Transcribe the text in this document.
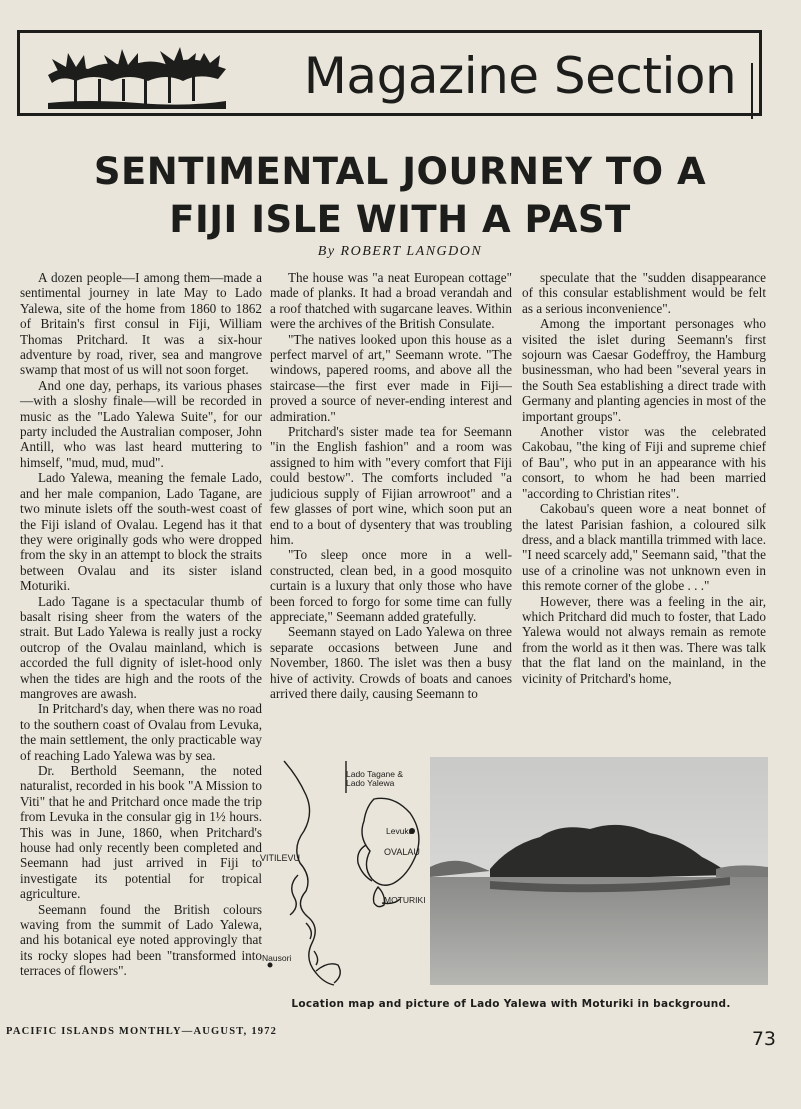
Magazine Section
SENTIMENTAL JOURNEY TO A
FIJI ISLE WITH A PAST
By ROBERT LANGDON

A dozen people—I among them—made a sentimental journey in late May to Lado Yalewa, site of the home from 1860 to 1862 of Britain's first consul in Fiji, William Thomas Pritchard. It was a six-hour adventure by road, river, sea and mangrove swamp that most of us will not soon forget.

And one day, perhaps, its various phases—with a sloshy finale—will be recorded in music as the "Lado Yalewa Suite", for our party included the Australian composer, John Antill, who was last heard muttering to himself, "mud, mud, mud".

Lado Yalewa, meaning the female Lado, and her male companion, Lado Tagane, are two minute islets off the south-west coast of the Fiji island of Ovalau. Legend has it that they were originally gods who were dropped from the sky in an attempt to block the straits between Ovalau and its sister island Moturiki.

Lado Tagane is a spectacular thumb of basalt rising sheer from the waters of the strait. But Lado Yalewa is really just a rocky outcrop of the Ovalau mainland, which is accorded the full dignity of islet-hood only when the tides are high and the roots of the mangroves are awash.

In Pritchard's day, when there was no road to the southern coast of Ovalau from Levuka, the main settlement, the only practicable way of reaching Lado Yalewa was by sea.

Dr. Berthold Seemann, the noted naturalist, recorded in his book "A Mission to Viti" that he and Pritchard once made the trip from Levuka in the consular gig in 1½ hours. This was in June, 1860, when Pritchard's house had only recently been completed and Seemann had just arrived in Fiji to investigate its potential for tropical agriculture.

Seemann found the British colours waving from the summit of Lado Yalewa, and his botanical eye noted approvingly that its rocky slopes had been "transformed into terraces of flowers".

The house was "a neat European cottage" made of planks. It had a broad verandah and a roof thatched with sugarcane leaves. Within were the archives of the British Consulate.

"The natives looked upon this house as a perfect marvel of art," Seemann wrote. "The windows, papered rooms, and above all the staircase—the first ever made in Fiji—proved a source of never-ending interest and admiration."

Pritchard's sister made tea for Seemann "in the English fashion" and a room was assigned to him with "every comfort that Fiji could bestow". The comforts included "a judicious supply of Fijian arrowroot" and a few glasses of port wine, which soon put an end to a bout of dysentery that was troubling him.

"To sleep once more in a well-constructed, clean bed, in a good mosquito curtain is a luxury that only those who have been forced to forgo for some time can fully appreciate," Seemann added gratefully.

Seemann stayed on Lado Yalewa on three separate occasions between June and November, 1860. The islet was then a busy hive of activity. Crowds of boats and canoes arrived there daily, causing Seemann to

speculate that the "sudden disappearance of this consular establishment would be felt as a serious inconvenience".

Among the important personages who visited the islet during Seemann's first sojourn was Caesar Godeffroy, the Hamburg businessman, who had been "several years in the South Sea establishing a direct trade with Germany and planting agencies in most of the important groups".

Another vistor was the celebrated Cakobau, "the king of Fiji and supreme chief of Bau", who put in an appearance with his consort, to whom he had been married "according to Christian rites".

Cakobau's queen wore a neat bonnet of the latest Parisian fashion, a coloured silk dress, and a black mantilla trimmed with lace. "I need scarcely add," Seemann said, "that the use of a crinoline was not unknown even in this remote corner of the globe . . ."

However, there was a feeling in the air, which Pritchard did much to foster, that Lado Yalewa would not always remain as remote from the world as it then was. There was talk that the flat land on the mainland, in the vicinity of Pritchard's home,

Lado Tagane &
Lado Yalewa
Levuka
OVALAU
VITILEVU
MOTURIKI
Nausori
Location map and picture of Lado Yalewa with Moturiki in background.
PACIFIC ISLANDS MONTHLY—AUGUST, 1972	73
